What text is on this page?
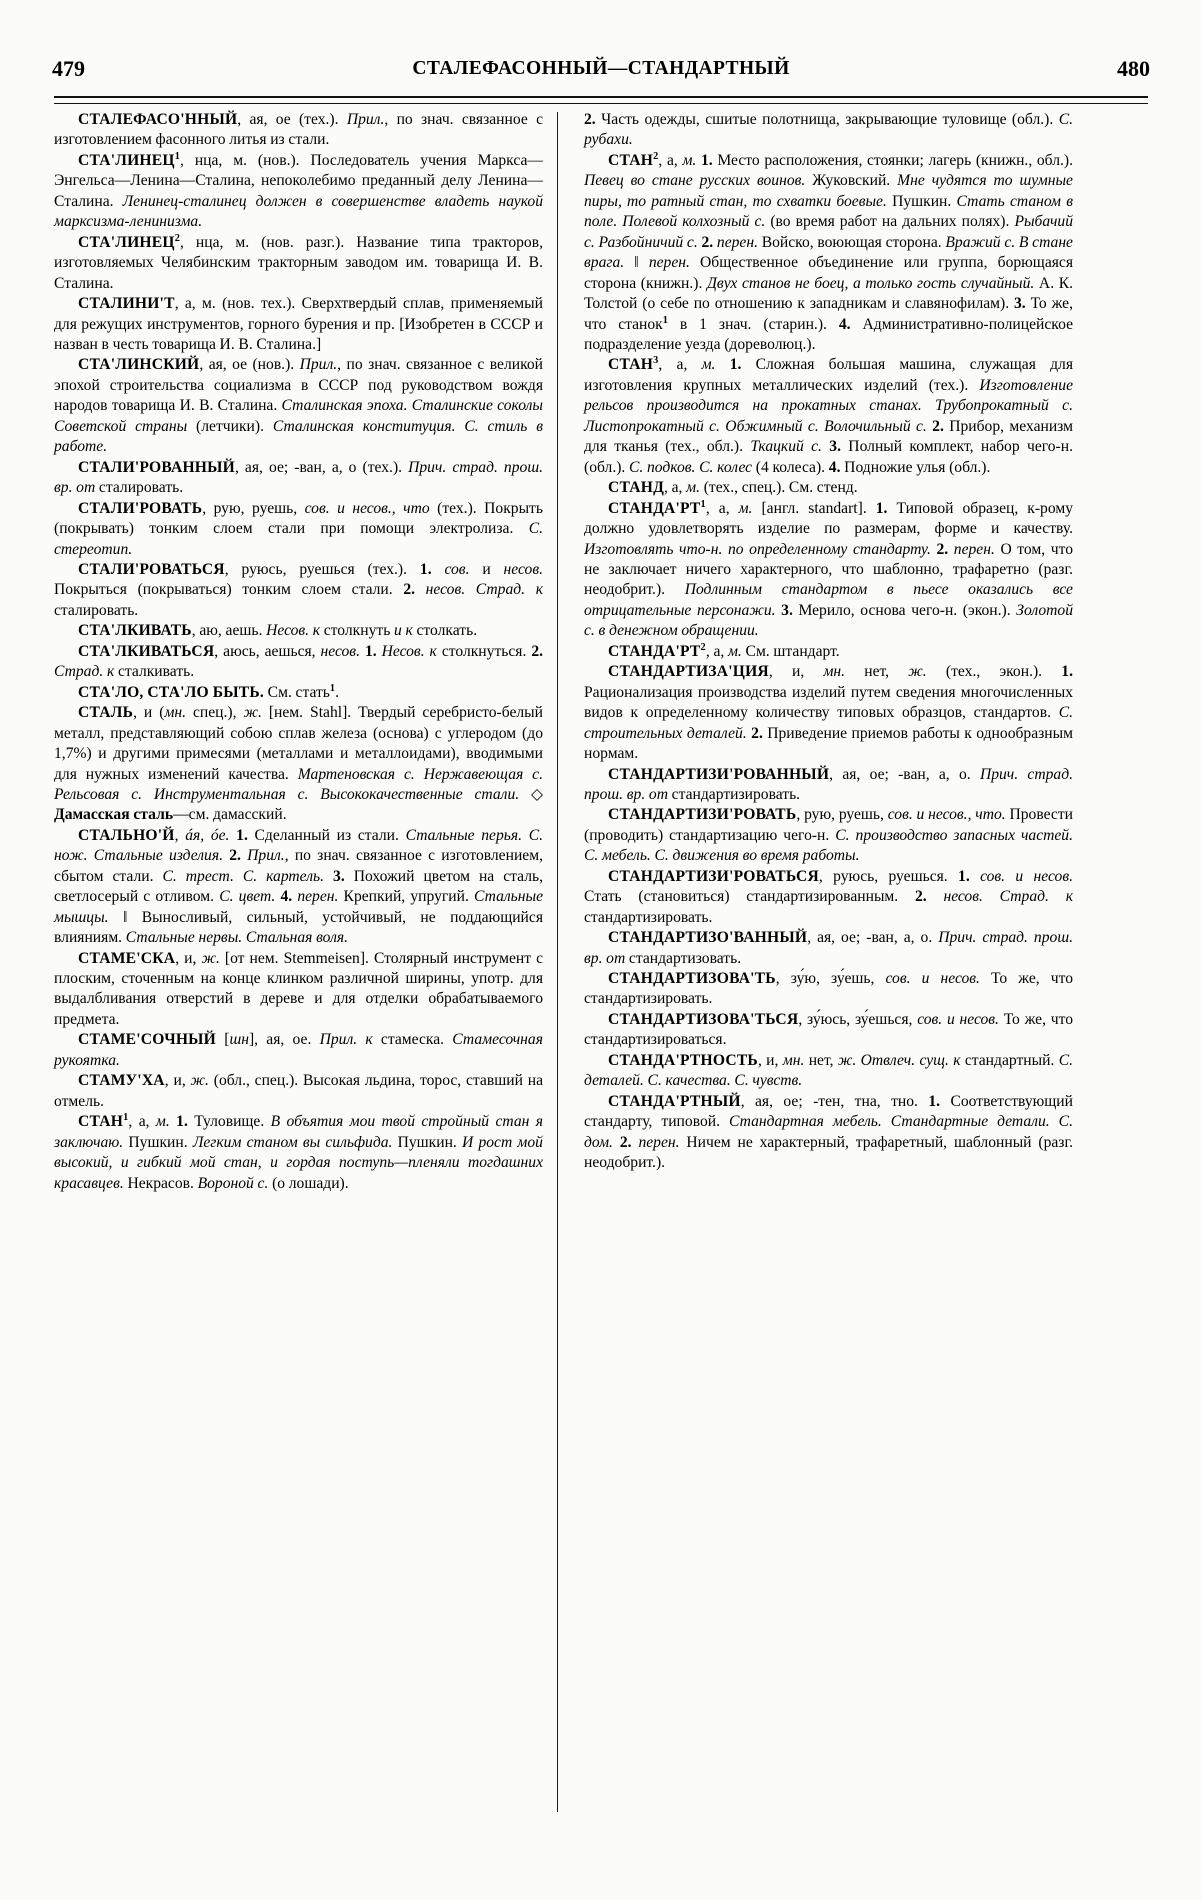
479	СТАЛЕФАСОННЫЙ—СТАНДАРТНЫЙ	480

СТАЛЕФАСО'ННЫЙ, ая, ое (тех.). Прил., по знач. связанное с изготовлением фасонного литья из стали.

СТА'ЛИНЕЦ$^1$, нца, м. (нов.). Последователь учения Маркса—Энгельса—Ленина—Сталина, непоколебимо преданный делу Ленина—Сталина. Ленинец-сталинец должен в совершенстве владеть наукой марксизма-ленинизма.

СТА'ЛИНЕЦ$^2$, нца, м. (нов. разг.). Название типа тракторов, изготовляемых Челябинским тракторным заводом им. товарища И. В. Сталина.

СТАЛИНИ'Т, а, м. (нов. тех.). Сверхтвердый сплав, применяемый для режущих инструментов, горного бурения и пр. [Изобретен в СССР и назван в честь товарища И. В. Сталина.]

СТА'ЛИНСКИЙ, ая, ое (нов.). Прил., по знач. связанное с великой эпохой строительства социализма в СССР под руководством вождя народов товарища И. В. Сталина. Сталинская эпоха. Сталинские соколы Советской страны (летчики). Сталинская конституция. С. стиль в работе.

СТАЛИ'РОВАННЫЙ, ая, ое; -ван, а, о (тех.). Прич. страд. прош. вр. от сталировать.

СТАЛИ'РОВАТЬ, рую, руешь, сов. и несов., что (тех.). Покрыть (покрывать) тонким слоем стали при помощи электролиза. С. стереотип.

СТАЛИ'РОВАТЬСЯ, руюсь, руешься (тех.). 1. сов. и несов. Покрыться (покрываться) тонким слоем стали. 2. несов. Страд. к сталировать.

СТА'ЛКИВАТЬ, аю, аешь. Несов. к столкнуть и к столкать.

СТА'ЛКИВАТЬСЯ, аюсь, аешься, несов. 1. Несов. к столкнуться. 2. Страд. к сталкивать.

СТА'ЛО, СТА'ЛО БЫТЬ. См. стать$^1$.

СТАЛЬ, и (мн. спец.), ж. [нем. Stahl]. Твердый серебристо-белый металл, представляющий собою сплав железа (основа) с углеродом (до 1,7%) и другими примесями (металлами и металлоидами), вводимыми для нужных изменений качества. Мартеновская с. Нержавеющая с. Рельсовая с. Инструментальная с. Высококачественные стали. ◇ Дамасская сталь—см. дамасский.

СТАЛЬНО'Й, áя, óе. 1. Сделанный из стали. Стальные перья. С. нож. Стальные изделия. 2. Прил., по знач. связанное с изготовлением, сбытом стали. С. трест. С. картель. 3. Похожий цветом на сталь, светлосерый с отливом. С. цвет. 4. перен. Крепкий, упругий. Стальные мышцы. ‖ Выносливый, сильный, устойчивый, не поддающийся влияниям. Стальные нервы. Стальная воля.

СТАМЕ'СКА, и, ж. [от нем. Stemmeisen]. Столярный инструмент с плоским, сточенным на конце клинком различной ширины, употр. для выдалбливания отверстий в дереве и для отделки обрабатываемого предмета.

СТАМЕ'СОЧНЫЙ [шн], ая, ое. Прил. к стамеска. Стамесочная рукоятка.

СТАМУ'ХА, и, ж. (обл., спец.). Высокая льдина, торос, ставший на отмель.

СТАН$^1$, а, м. 1. Туловище. В объятия мои твой стройный стан я заключаю. Пушкин. Легким станом вы сильфида. Пушкин. И рост мой высокий, и гибкий мой стан, и гордая поступь—пленяли тогдашних красавцев. Некрасов. Вороной с. (о лошади).

2. Часть одежды, сшитые полотнища, закрывающие туловище (обл.). С. рубахи.

СТАН$^2$, а, м. 1. Место расположения, стоянки; лагерь (книжн., обл.). Певец во стане русских воинов. Жуковский. Мне чудятся то шумные пиры, то ратный стан, то схватки боевые. Пушкин. Стать станом в поле. Полевой колхозный с. (во время работ на дальних полях). Рыбачий с. Разбойничий с. 2. перен. Войско, воюющая сторона. Вражий с. В стане врага. ‖ перен. Общественное объединение или группа, борющаяся сторона (книжн.). Двух станов не боец, а только гость случайный. А. К. Толстой (о себе по отношению к западникам и славянофилам). 3. То же, что станок$^1$ в 1 знач. (старин.). 4. Административно-полицейское подразделение уезда (дореволюц.).

СТАН$^3$, а, м. 1. Сложная большая машина, служащая для изготовления крупных металлических изделий (тех.). Изготовление рельсов производится на прокатных станах. Трубопрокатный с. Листопрокатный с. Обжимный с. Волочильный с. 2. Прибор, механизм для тканья (тех., обл.). Ткацкий с. 3. Полный комплект, набор чего-н. (обл.). С. подков. С. колес (4 колеса). 4. Подножие улья (обл.).

СТАНД, а, м. (тех., спец.). См. стенд.

$СТАНДА'РТ^1$, а, м. [англ. standart]. 1. Типовой образец, к-рому должно удовлетворять изделие по размерам, форме и качеству. Изготовлять что-н. по определенному стандарту. 2. перен. О том, что не заключает ничего характерного, что шаблонно, трафаретно (разг. неодобрит.). Подлинным стандартом в пьесе оказались все отрицательные персонажи. 3. Мерило, основа чего-н. (экон.). Золотой с. в денежном обращении.

$СТАНДА'РТ^2$, а, м. См. штандарт.

СТАНДАРТИЗА'ЦИЯ, и, мн. нет, ж. (тех., экон.). 1. Рационализация производства изделий путем сведения многочисленных видов к определенному количеству типовых образцов, стандартов. С. строительных деталей. 2. Приведение приемов работы к однообразным нормам.

СТАНДАРТИЗИ'РОВАННЫЙ, ая, ое; -ван, а, о. Прич. страд. прош. вр. от стандартизировать.

СТАНДАРТИЗИ'РОВАТЬ, рую, руешь, сов. и несов., что. Провести (проводить) стандартизацию чего-н. С. производство запасных частей. С. мебель. С. движения во время работы.

СТАНДАРТИЗИ'РОВАТЬСЯ, руюсь, руешься. 1. сов. и несов. Стать (становиться) стандартизированным. 2. несов. Страд. к стандартизировать.

СТАНДАРТИЗО'ВАННЫЙ, ая, ое; -ван, а, о. Прич. страд. прош. вр. от стандартизовать.

СТАНДАРТИЗОВА'ТЬ, зу́ю, зу́ешь, сов. и несов. То же, что стандартизировать.

СТАНДАРТИЗОВА'ТЬСЯ, зу́юсь, зу́ешься, сов. и несов. То же, что стандартизироваться.

СТАНДА'РТНОСТЬ, и, мн. нет, ж. Отвлеч. сущ. к стандартный. С. деталей. С. качества. С. чувств.

СТАНДА'РТНЫЙ, ая, ое; -тен, тна, тно. 1. Соответствующий стандарту, типовой. Стандартная мебель. Стандартные детали. С. дом. 2. перен. Ничем не характерный, трафаретный, шаблонный (разг. неодобрит.).
